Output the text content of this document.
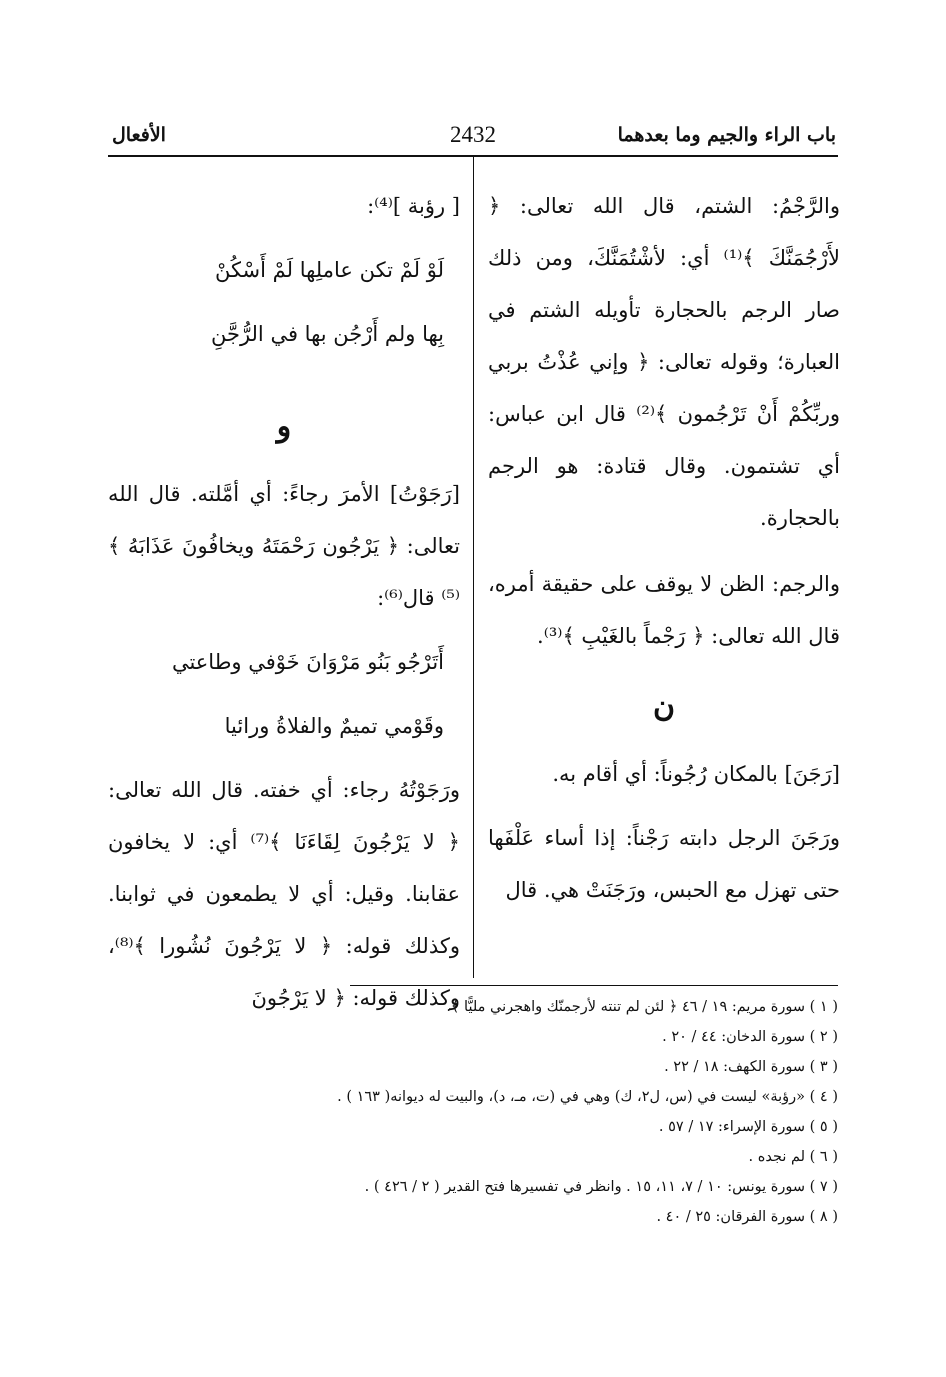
باب الراء والجيم وما بعدهما
2432
الأفعال

والرَّجْمُ: الشتم، قال الله تعالى: ﴿ لأَرْجُمَنَّكَ ﴾⁽¹⁾ أي: لأشْتُمَنَّكَ، ومن ذلك صار الرجم بالحجارة تأويله الشتم في العبارة؛ وقوله تعالى: ﴿ وإني عُذْتُ بربي وربِّكُمْ أَنْ تَرْجُمون ﴾⁽²⁾ قال ابن عباس: أي تشتمون. وقال قتادة: هو الرجم بالحجارة.

والرجم: الظن لا يوقف على حقيقة أمره، قال الله تعالى: ﴿ رَجْماً بالغَيْبِ ﴾⁽³⁾.

ن

[رَجَنَ] بالمكان رُجُوناً: أي أقام به.

ورَجَنَ الرجل دابته رَجْناً: إذا أساء عَلْفَها حتى تهزل مع الحبس، ورَجَنَتْ هي. قال

[ رؤبة ]⁽⁴⁾:

لَوْ لَمْ تكن عاملِها لَمْ أَسْكُنْ

بِها ولم أَرْجُن بها في الرُّجَّنِ

و

[رَجَوْتُ] الأمرَ رجاءً: أي أمَّلته. قال الله تعالى: ﴿ يَرْجُون رَحْمَتَهُ ويخافُونَ عَذَابَهُ ﴾⁽⁵⁾ قال⁽⁶⁾:

أَتَرْجُو بَنُو مَرْوَانَ خَوْفي وطاعتي

وقَوْمي تميمٌ والفلاةُ ورائيا

ورَجَوْتُهُ رجاء: أي خفته. قال الله تعالى: ﴿ لا يَرْجُونَ لِقَاءَنَا ﴾⁽⁷⁾ أي: لا يخافون عقابنا. وقيل: أي لا يطمعون في ثوابنا. وكذلك قوله: ﴿ لا يَرْجُونَ نُشُورا ﴾⁽⁸⁾، وكذلك قوله: ﴿ لا يَرْجُونَ

( ١ ) سورة مريم: ١٩ / ٤٦ ﴿ لئن لم تنته لأرجمنّك واهجرني مليًّا ﴾.
( ٢ ) سورة الدخان: ٤٤ / ٢٠ .
( ٣ ) سورة الكهف: ١٨ / ٢٢ .
( ٤ ) «رؤبة» ليست في (س، ل٢، ك) وهي في (ت، مـ، د)، والبيت له ديوانه( ١٦٣ ) .
( ٥ ) سورة الإسراء: ١٧ / ٥٧ .
( ٦ ) لم نجده .
( ٧ ) سورة يونس: ١٠ / ٧، ١١، ١٥ . وانظر في تفسيرها فتح القدير ( ٢ / ٤٢٦ ) .
( ٨ ) سورة الفرقان: ٢٥ / ٤٠ .
